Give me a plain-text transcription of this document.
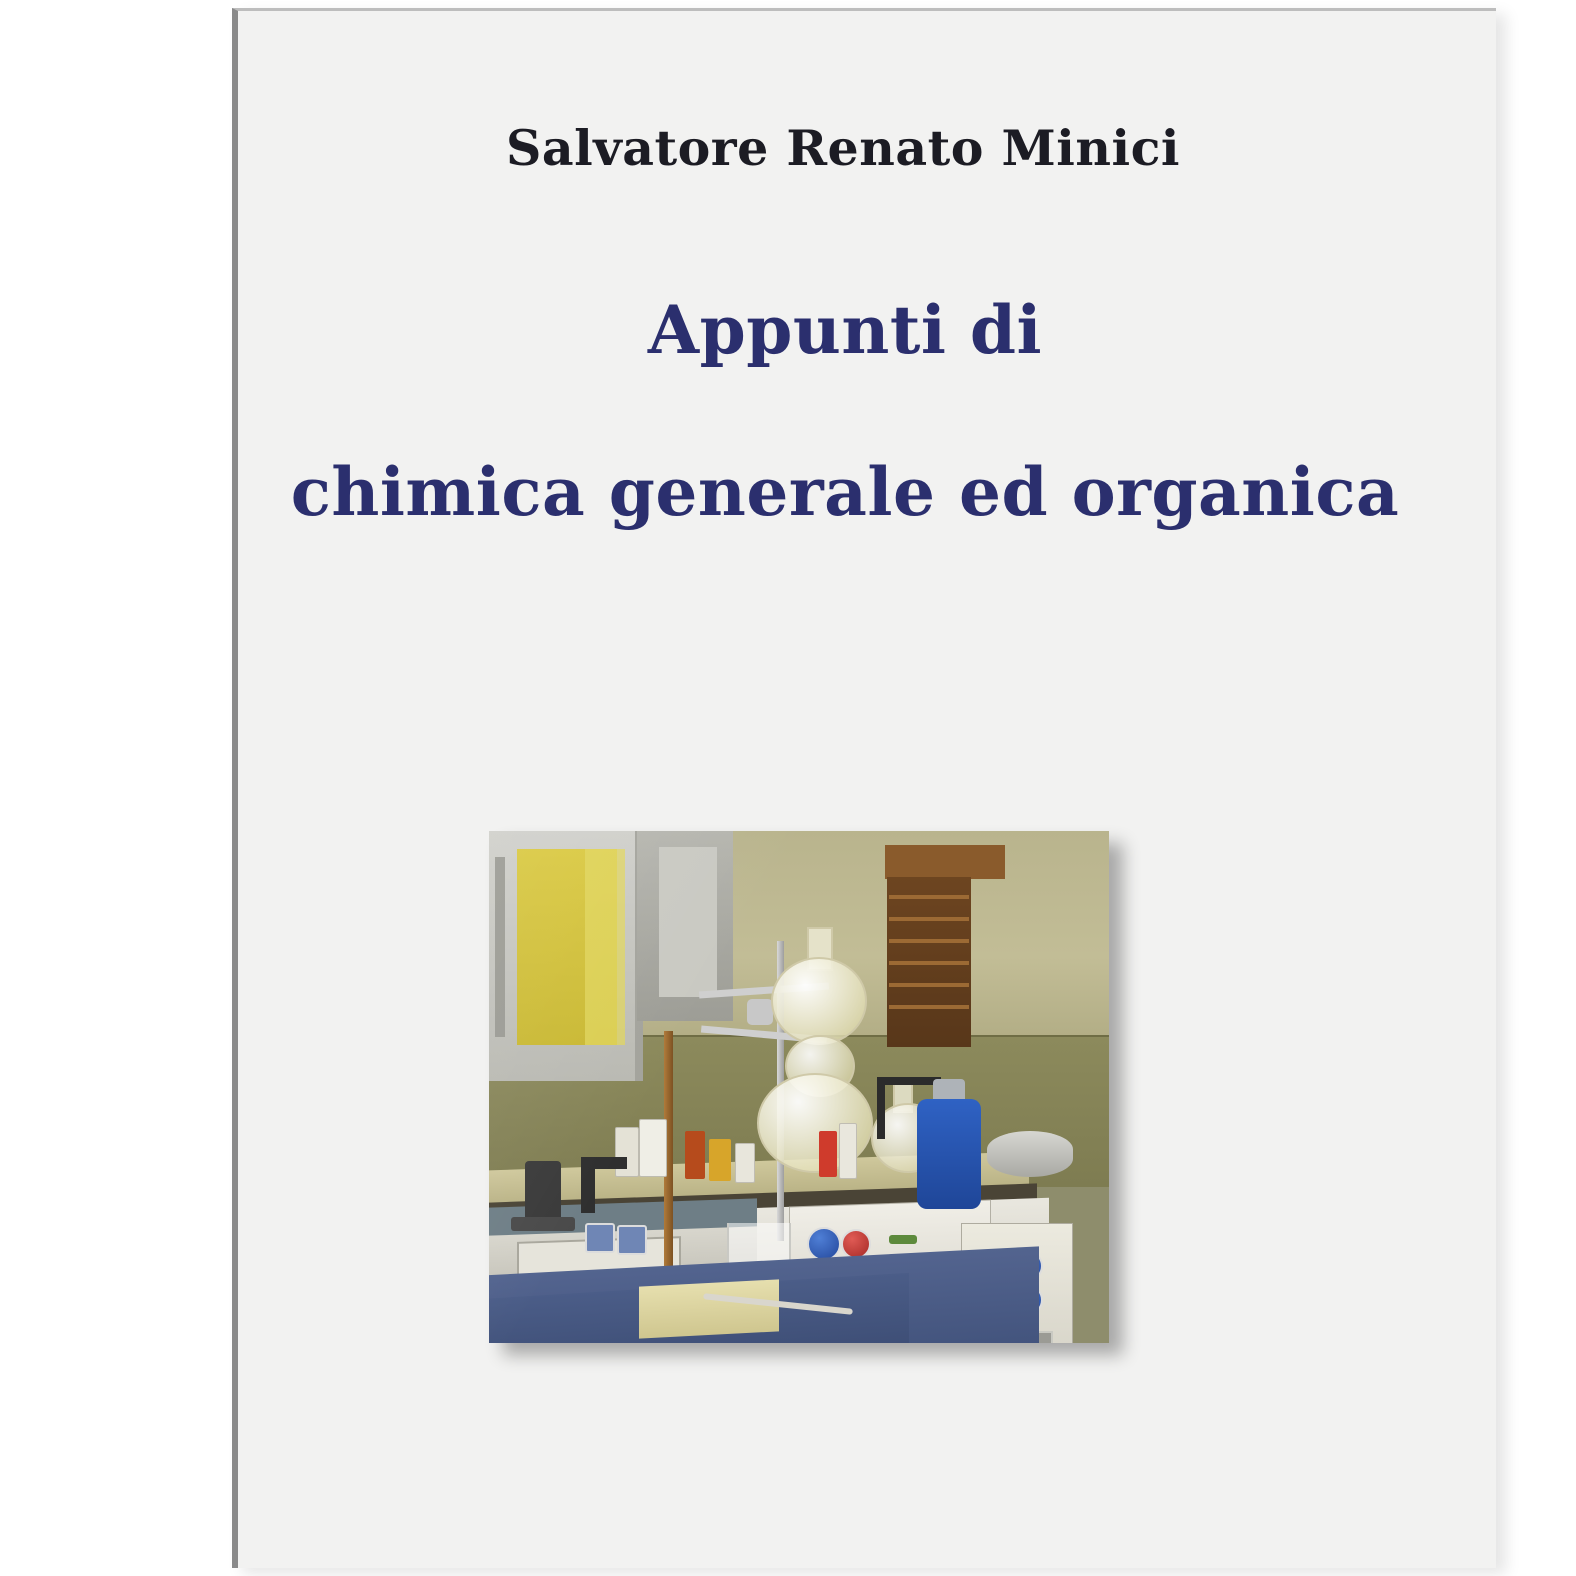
Salvatore Renato Minici
Appunti di
chimica generale ed organica
